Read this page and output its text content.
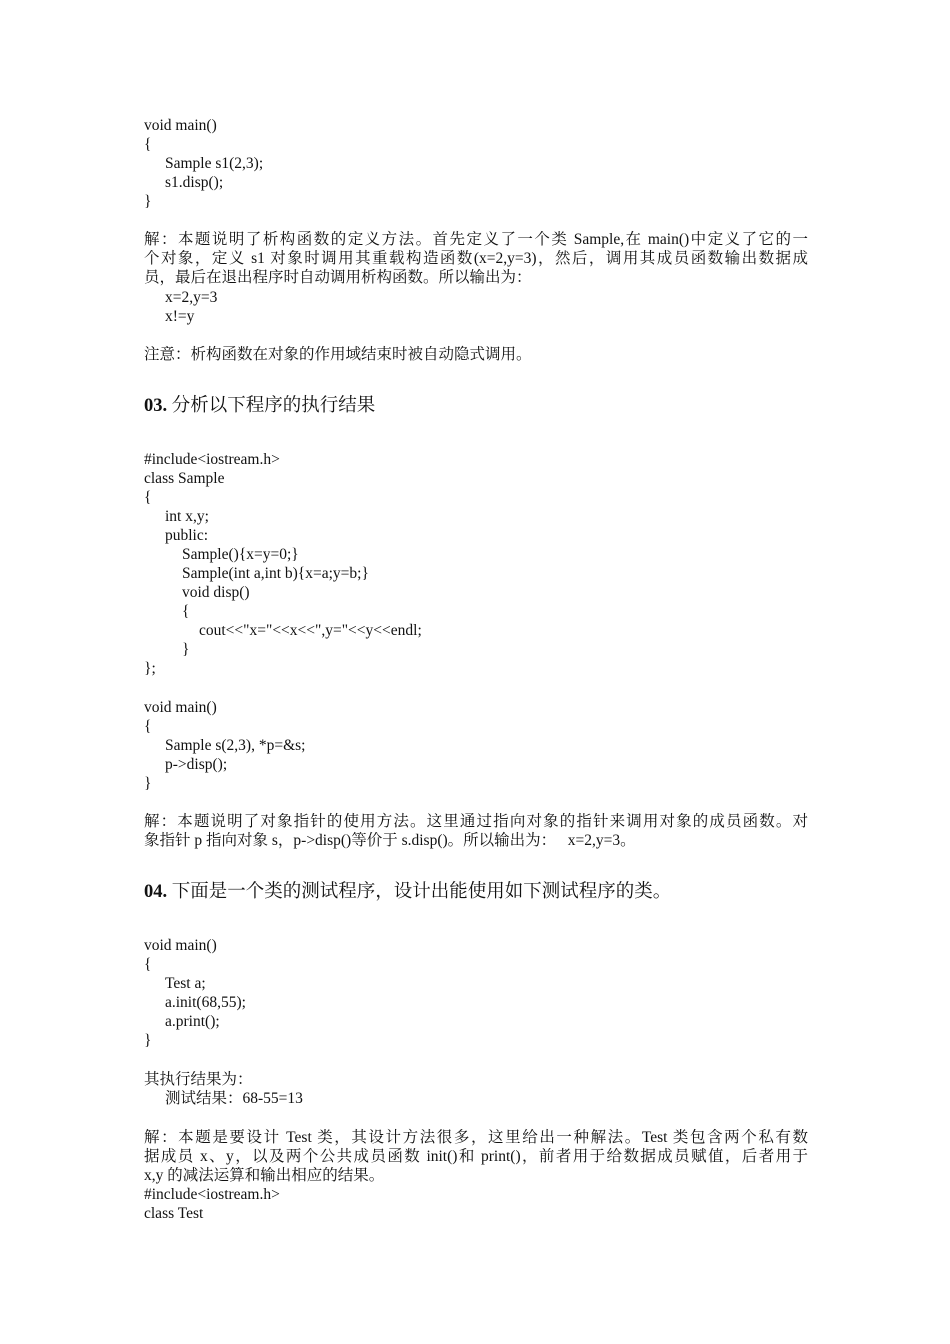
void main()
{
Sample s1(2,3);
s1.disp();
}
解：本题说明了析构函数的定义方法。首先定义了一个类 Sample,在 main()中定义了它的一
个对象，定义 s1 对象时调用其重载构造函数(x=2,y=3)，然后，调用其成员函数输出数据成
员，最后在退出程序时自动调用析构函数。所以输出为：
x=2,y=3
x!=y
注意：析构函数在对象的作用域结束时被自动隐式调用。
03. 分析以下程序的执行结果
#include<iostream.h>
class Sample
{
int x,y;
public:
Sample(){x=y=0;}
Sample(int a,int b){x=a;y=b;}
void disp()
{
cout<<"x="<<x<<",y="<<y<<endl;
}
};
void main()
{
Sample s(2,3), *p=&s;
p->disp();
}
解：本题说明了对象指针的使用方法。这里通过指向对象的指针来调用对象的成员函数。对
象指针 p 指向对象 s，p->disp()等价于 s.disp()。所以输出为：   x=2,y=3。
04. 下面是一个类的测试程序，设计出能使用如下测试程序的类。
void main()
{
Test a;
a.init(68,55);
a.print();
}
其执行结果为：
测试结果：68-55=13
解：本题是要设计 Test 类，其设计方法很多，这里给出一种解法。Test 类包含两个私有数
据成员 x、y，以及两个公共成员函数 init()和 print()，前者用于给数据成员赋值，后者用于
x,y 的减法运算和输出相应的结果。
#include<iostream.h>
class Test
